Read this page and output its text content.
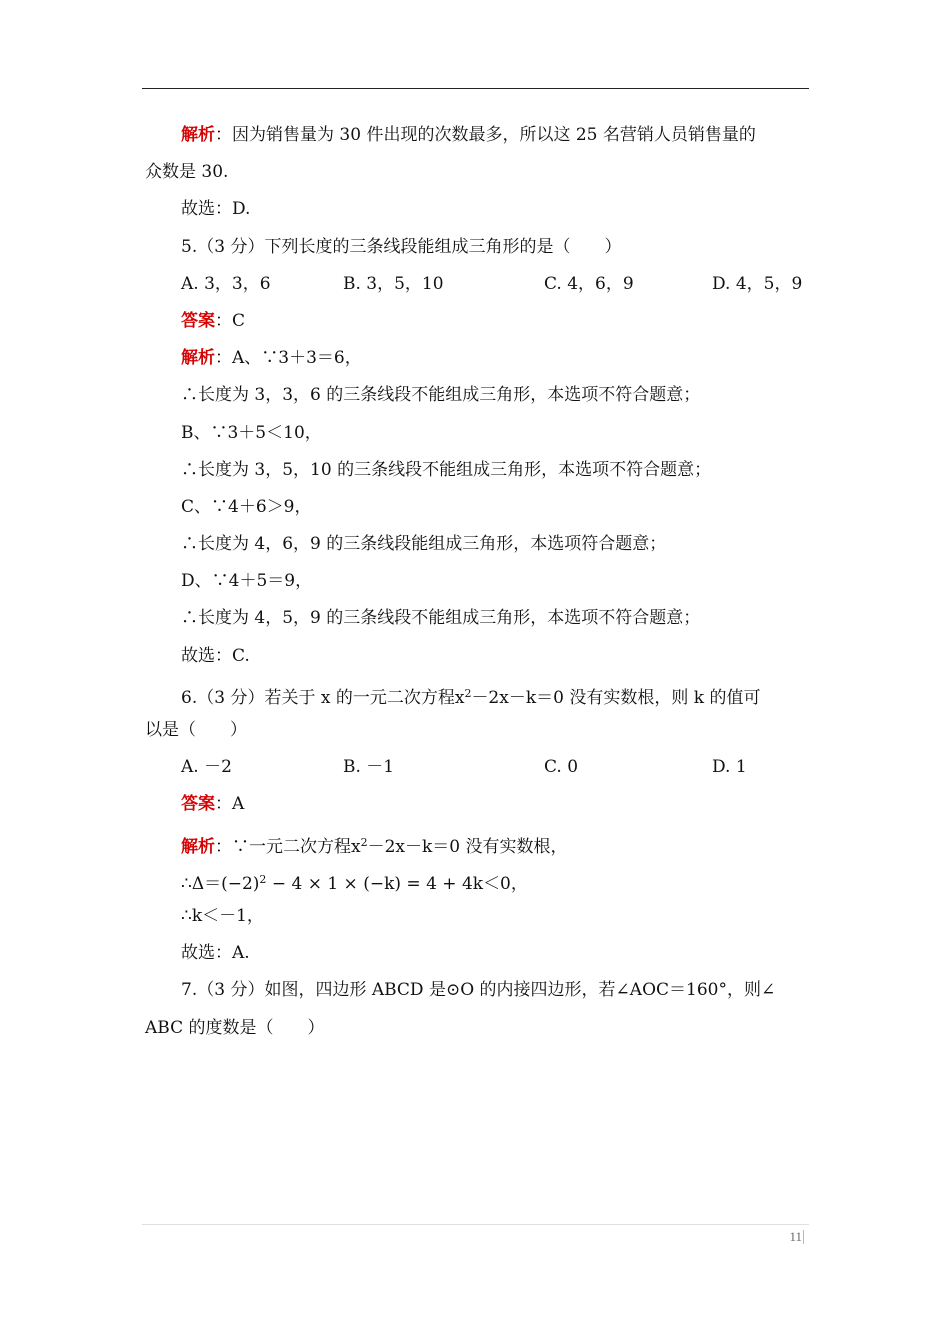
解析：因为销售量为 30 件出现的次数最多，所以这 25 名营销人员销售量的
众数是 30.
故选：D.
5.（3 分）下列长度的三条线段能组成三角形的是（　　）
A. 3，3，6	B. 3，5，10	C. 4，6，9	D. 4，5，9
答案：C
解析：A、∵3＋3＝6，
∴长度为 3，3，6 的三条线段不能组成三角形，本选项不符合题意；
B、∵3＋5＜10，
∴长度为 3，5，10 的三条线段不能组成三角形，本选项不符合题意；
C、∵4＋6＞9，
∴长度为 4，6，9 的三条线段能组成三角形，本选项符合题意；
D、∵4＋5＝9，
∴长度为 4，5，9 的三条线段不能组成三角形，本选项不符合题意；
故选：C.
6.（3 分）若关于 x 的一元二次方程$x^2-2x-k=0$ 没有实数根，则 k 的值可
以是（　　）
A. －2	B. －1	C. 0	D. 1
答案：A
解析：∵一元二次方程$x^2-2x-k=0$ 没有实数根，
$\therefore\Delta=(-2)^2 - 4 \times 1 \times (-k) = 4 + 4k<0$，
∴k＜－1，
故选：A.
7.（3 分）如图，四边形 ABCD 是⊙O 的内接四边形，若∠AOC＝160°，则∠
ABC 的度数是（　　）
11
